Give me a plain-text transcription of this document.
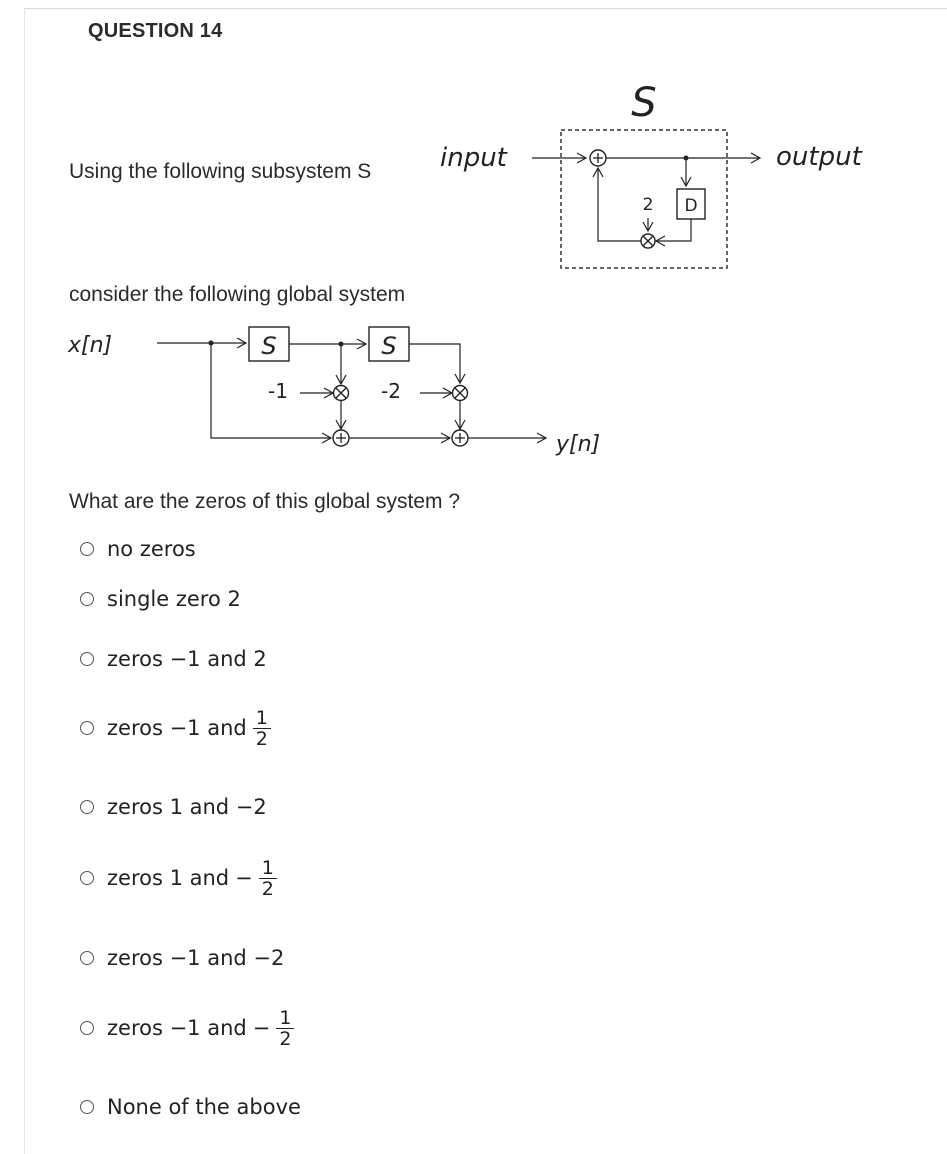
QUESTION 14
Using the following subsystem S
consider the following global system
What are the zeros of this global system ?
S
input	output
D
2
x[n]	S	S
-1	-2
y[n]
no zeros
single zero 2
zeros −1 and 2
zeros −1 and $\frac{1}{2}$
zeros 1 and −2
zeros 1 and − $\frac{1}{2}$
zeros −1 and −2
zeros −1 and − $\frac{1}{2}$
None of the above
